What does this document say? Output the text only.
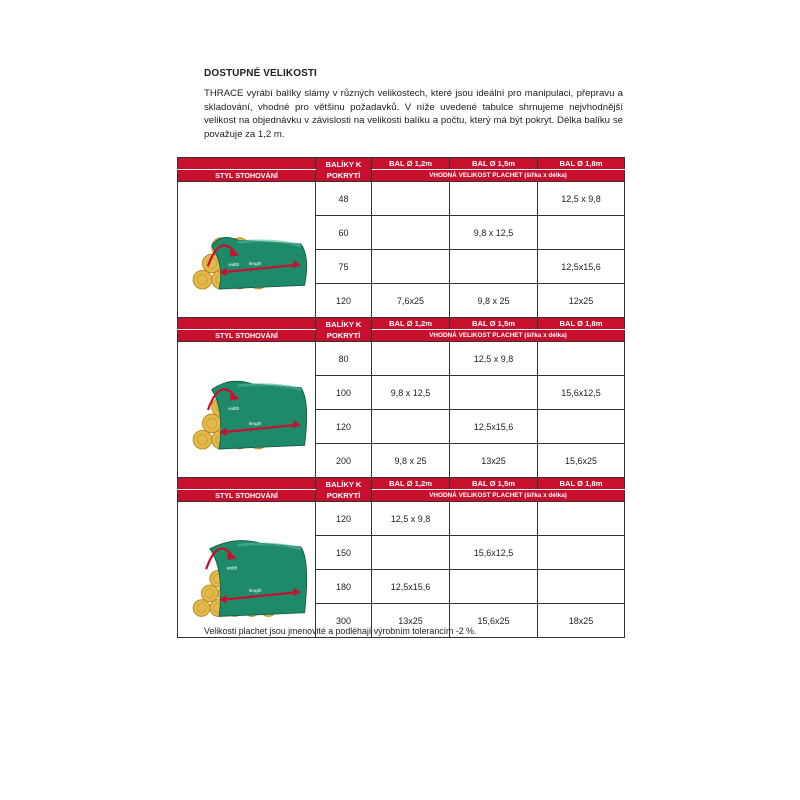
DOSTUPNÉ VELIKOSTI
THRACE vyrábí balíky slámy v různých velikostech, které jsou ideální pro manipulaci, přepravu a skladování, vhodné pro většinu požadavků. V níže uvedené tabulce shrnujeme nejvhodnější velikost na objednávku v závislosti na velikosti balíku a počtu, který má být pokryt. Délka balíku se považuje za 1,2 m.
	BALÍKY K POKRYTÍ	BAL Ø 1,2m	BAL Ø 1,5m	BAL Ø 1,8m
STYL STOHOVÁNÍ		VHODNÁ VELIKOST PLACHET (šířka x délka)		

width length	48			12,5 x 9,8
	60		9,8 x 12,5	
	75			12,5x15,6
	120	7,6x25	9,8 x 25	12x25
	BALÍKY K POKRYTÍ	BAL Ø 1,2m	BAL Ø 1,5m	BAL Ø 1,8m
STYL STOHOVÁNÍ		VHODNÁ VELIKOST PLACHET (šířka x délka)		

width
length	80		12,5 x 9,8	
	100	9,8 x 12,5		15,6x12,5
	120		12,5x15,6	
	200	9,8 x 25	13x25	15,6x25
	BALÍKY K POKRYTÍ	BAL Ø 1,2m	BAL Ø 1,5m	BAL Ø 1,8m
STYL STOHOVÁNÍ		VHODNÁ VELIKOST PLACHET (šířka x délka)		

width
length	120	12,5 x 9,8		
	150		15,6x12,5	
	180	12,5x15,6		
	300	13x25	15,6x25	18x25
Velikosti plachet jsou jmenovité a podléhají výrobním tolerancím -2 %.
